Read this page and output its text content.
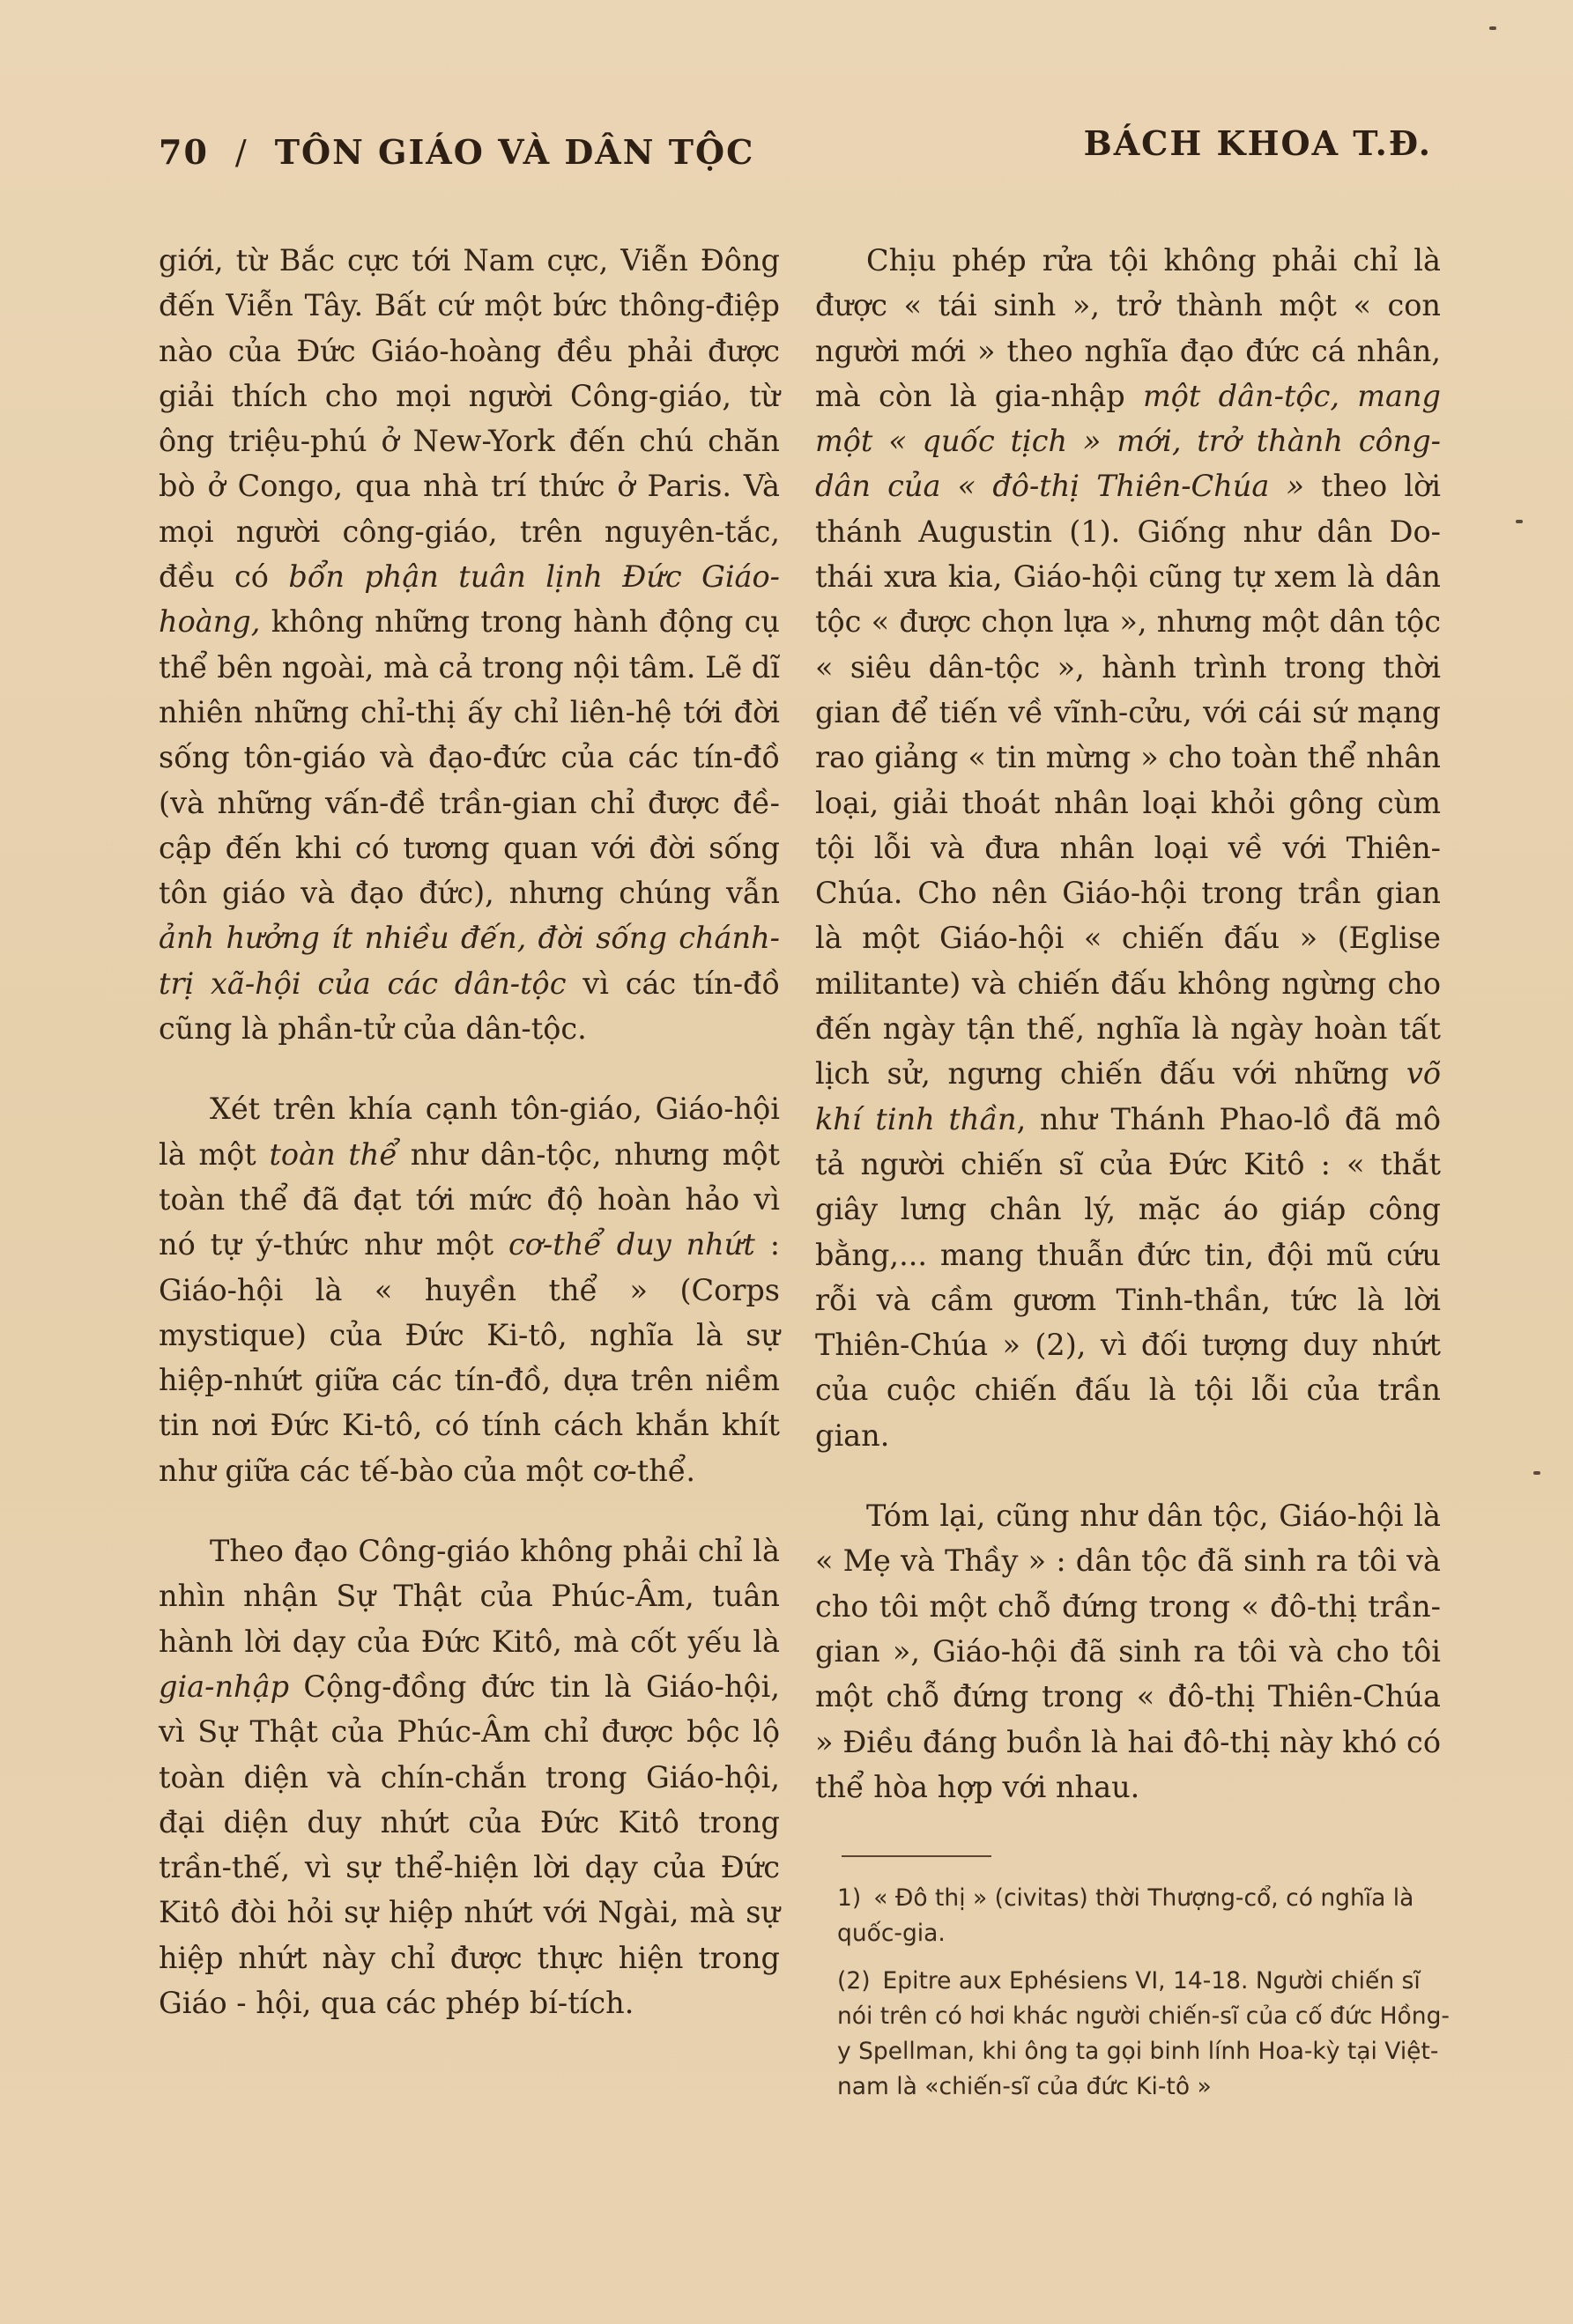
70 / TÔN GIÁO VÀ DÂN TỘC	BÁCH KHOA T.Đ.

giới, từ Bắc cực tới Nam cực, Viễn Đông đến Viễn Tây. Bất cứ một bức thông-điệp nào của Đức Giáo-hoàng đều phải được giải thích cho mọi người Công-giáo, từ ông triệu-phú ở New-York đến chú chăn bò ở Congo, qua nhà trí thức ở Paris. Và mọi người công-giáo, trên nguyên-tắc, đều có bổn phận tuân lịnh Đức Giáo-hoàng, không những trong hành động cụ thể bên ngoài, mà cả trong nội tâm. Lẽ dĩ nhiên những chỉ-thị ấy chỉ liên-hệ tới đời sống tôn-giáo và đạo-đức của các tín-đồ (và những vấn-đề trần-gian chỉ được đề-cập đến khi có tương quan với đời sống tôn giáo và đạo đức), nhưng chúng vẫn ảnh hưởng ít nhiều đến, đời sống chánh-trị xã-hội của các dân-tộc vì các tín-đồ cũng là phần-tử của dân-tộc.

Xét trên khía cạnh tôn-giáo, Giáo-hội là một toàn thể như dân-tộc, nhưng một toàn thể đã đạt tới mức độ hoàn hảo vì nó tự ý-thức như một cơ-thể duy nhứt : Giáo-hội là « huyền thể » (Corps mystique) của Đức Ki-tô, nghĩa là sự hiệp-nhứt giữa các tín-đồ, dựa trên niềm tin nơi Đức Ki-tô, có tính cách khắn khít như giữa các tế-bào của một cơ-thể.

Theo đạo Công-giáo không phải chỉ là nhìn nhận Sự Thật của Phúc-Âm, tuân hành lời dạy của Đức Kitô, mà cốt yếu là gia-nhập Cộng-đồng đức tin là Giáo-hội, vì Sự Thật của Phúc-Âm chỉ được bộc lộ toàn diện và chín-chắn trong Giáo-hội, đại diện duy nhứt của Đức Kitô trong trần-thế, vì sự thể-hiện lời dạy của Đức Kitô đòi hỏi sự hiệp nhứt với Ngài, mà sự hiệp nhứt này chỉ được thực hiện trong Giáo - hội, qua các phép bí-tích.

Chịu phép rửa tội không phải chỉ là được « tái sinh », trở thành một « con người mới » theo nghĩa đạo đức cá nhân, mà còn là gia-nhập một dân-tộc, mang một « quốc tịch » mới, trở thành công-dân của « đô-thị Thiên-Chúa » theo lời thánh Augustin (1). Giống như dân Do-thái xưa kia, Giáo-hội cũng tự xem là dân tộc « được chọn lựa », nhưng một dân tộc « siêu dân-tộc », hành trình trong thời gian để tiến về vĩnh-cửu, với cái sứ mạng rao giảng « tin mừng » cho toàn thể nhân loại, giải thoát nhân loại khỏi gông cùm tội lỗi và đưa nhân loại về với Thiên-Chúa. Cho nên Giáo-hội trong trần gian là một Giáo-hội « chiến đấu » (Eglise militante) và chiến đấu không ngừng cho đến ngày tận thế, nghĩa là ngày hoàn tất lịch sử, ngưng chiến đấu với những võ khí tinh thần, như Thánh Phao-lồ đã mô tả người chiến sĩ của Đức Kitô : « thắt giây lưng chân lý, mặc áo giáp công bằng,... mang thuẫn đức tin, đội mũ cứu rỗi và cầm gươm Tinh-thần, tức là lời Thiên-Chúa » (2), vì đối tượng duy nhứt của cuộc chiến đấu là tội lỗi của trần gian.

Tóm lại, cũng như dân tộc, Giáo-hội là « Mẹ và Thầy » : dân tộc đã sinh ra tôi và cho tôi một chỗ đứng trong « đô-thị trần-gian », Giáo-hội đã sinh ra tôi và cho tôi một chỗ đứng trong « đô-thị Thiên-Chúa » Điều đáng buồn là hai đô-thị này khó có thể hòa hợp với nhau.

1) « Đô thị » (civitas) thời Thượng-cổ, có nghĩa là quốc-gia.

(2) Epitre aux Ephésiens VI, 14-18. Người chiến sĩ nói trên có hơi khác người chiến-sĩ của cố đức Hồng-y Spellman, khi ông ta gọi binh lính Hoa-kỳ tại Việt-nam là «chiến-sĩ của đức Ki-tô »
